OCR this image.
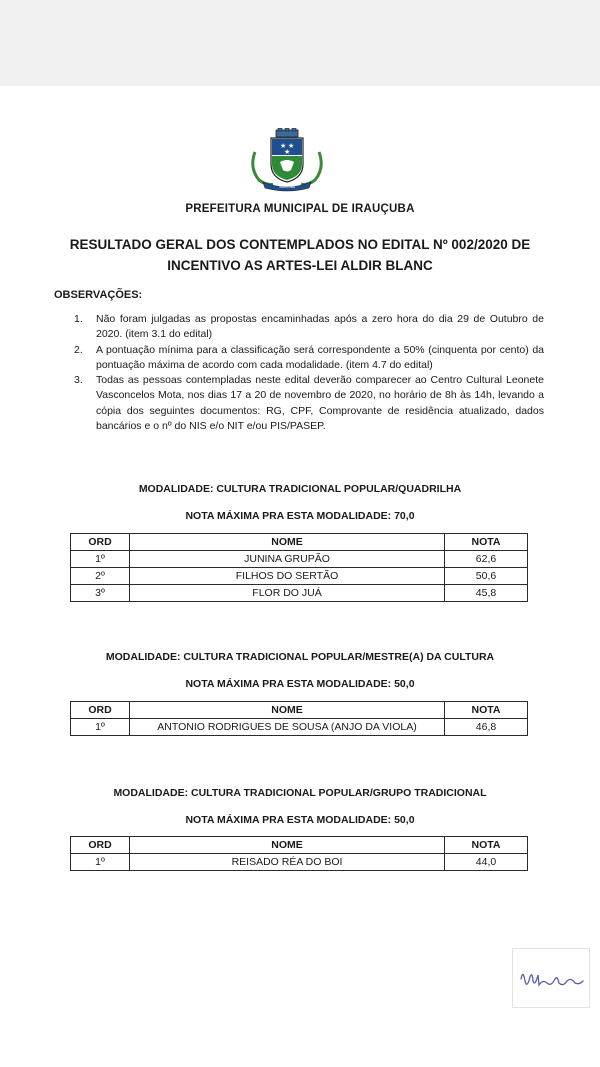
★ ★
★
IRAUÇUBA
PREFEITURA MUNICIPAL DE IRAUÇUBA
RESULTADO GERAL DOS CONTEMPLADOS NO EDITAL Nº 002/2020 DE
INCENTIVO AS ARTES-LEI ALDIR BLANC
OBSERVAÇÕES:
1. Não foram julgadas as propostas encaminhadas após a zero hora do dia 29 de Outubro de 2020. (item 3.1 do edital)
2. A pontuação mínima para a classificação será correspondente a 50% (cinquenta por cento) da pontuação máxima de acordo com cada modalidade. (item 4.7 do edital)
3. Todas as pessoas contempladas neste edital deverão comparecer ao Centro Cultural Leonete Vasconcelos Mota, nos dias 17 a 20 de novembro de 2020, no horário de 8h às 14h, levando a cópia dos seguintes documentos: RG, CPF, Comprovante de residência atualizado, dados bancários e o nº do NIS e/o NIT e/ou PIS/PASEP.
MODALIDADE: CULTURA TRADICIONAL POPULAR/QUADRILHA
NOTA MÁXIMA PRA ESTA MODALIDADE: 70,0
ORD	NOME	NOTA
1º	JUNINA GRUPÃO	62,6
2º	FILHOS DO SERTÃO	50,6
3º	FLOR DO JUÁ	45,8
MODALIDADE: CULTURA TRADICIONAL POPULAR/MESTRE(A) DA CULTURA
NOTA MÁXIMA PRA ESTA MODALIDADE: 50,0
ORD	NOME	NOTA
1º	ANTONIO RODRIGUES DE SOUSA (ANJO DA VIOLA)	46,8
MODALIDADE: CULTURA TRADICIONAL POPULAR/GRUPO TRADICIONAL
NOTA MÁXIMA PRA ESTA MODALIDADE: 50,0
ORD	NOME	NOTA
1º	REISADO RÉA DO BOI	44,0
